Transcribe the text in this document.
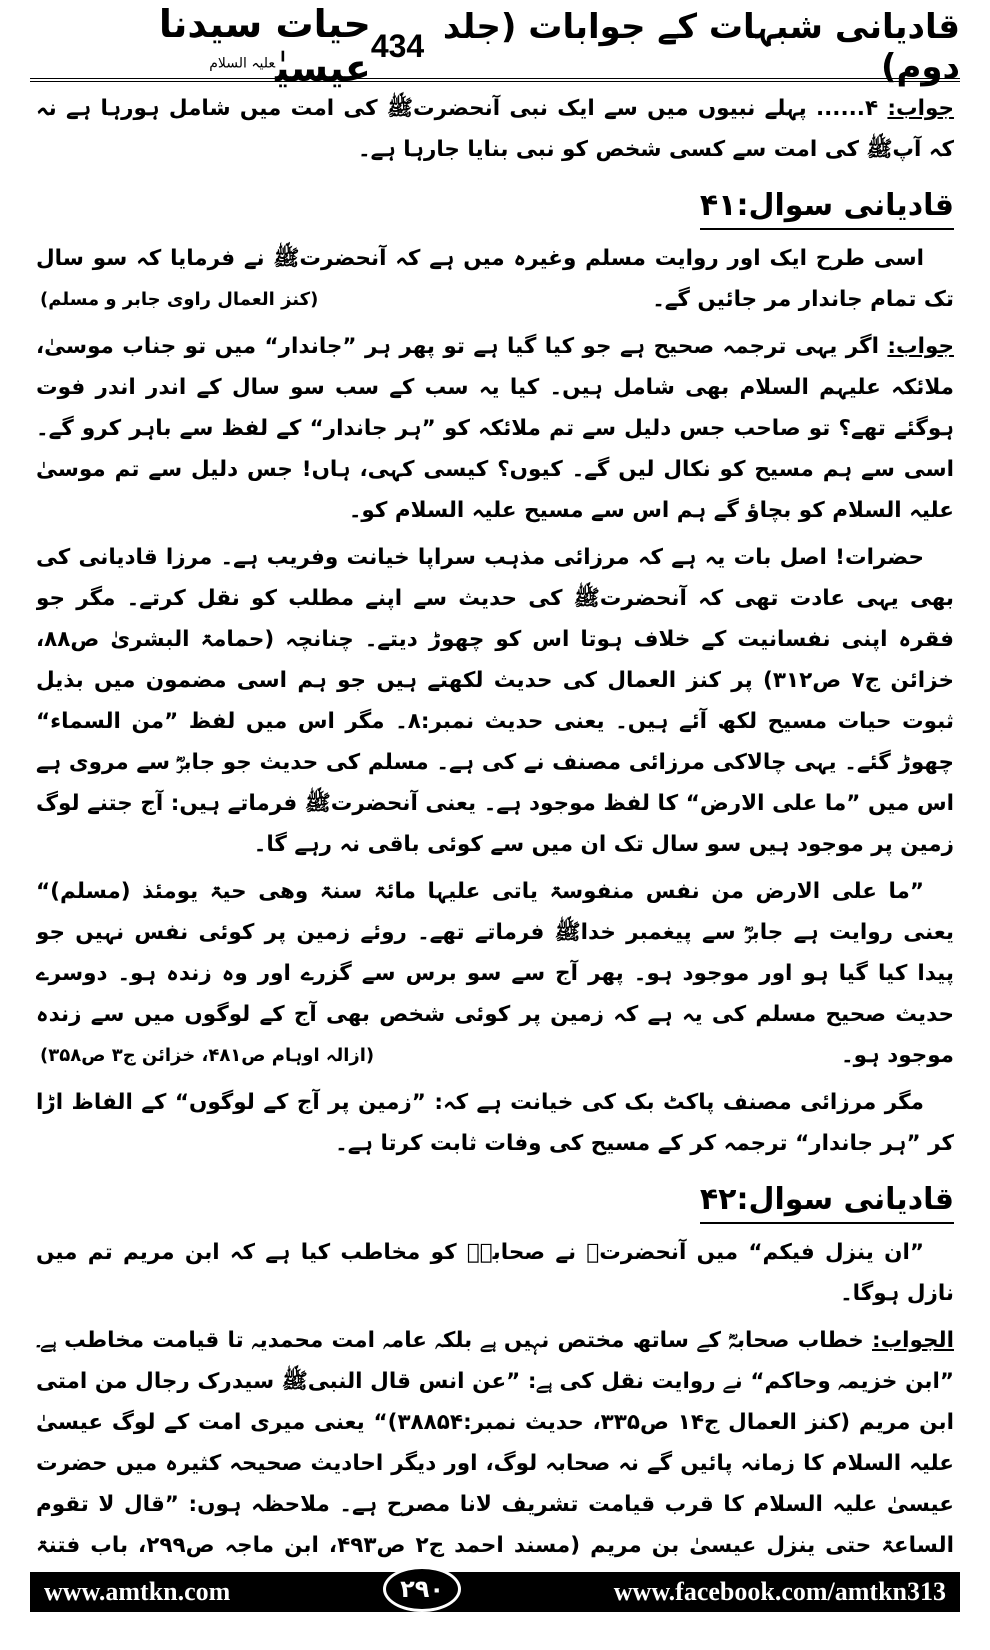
قادیانی شبہات کے جوابات (جلد دوم)
434
حیات سیدنا عیسیٰ$^{علیہ السلام}$

جواب: ۴...... پہلے نبیوں میں سے ایک نبی آنحضرتﷺ کی امت میں شامل ہورہا ہے نہ کہ آپﷺ کی امت سے کسی شخص کو نبی بنایا جارہا ہے۔

قادیانی سوال:۴۱

اسی طرح ایک اور روایت مسلم وغیرہ میں ہے کہ آنحضرتﷺ نے فرمایا کہ سو سال تک تمام جاندار مر جائیں گے۔
(کنز العمال راوی جابر و مسلم)

جواب: اگر یہی ترجمہ صحیح ہے جو کیا گیا ہے تو پھر ہر ”جاندار“ میں تو جناب موسیٰ، ملائکہ علیہم السلام بھی شامل ہیں۔ کیا یہ سب کے سب سو سال کے اندر اندر فوت ہوگئے تھے؟ تو صاحب جس دلیل سے تم ملائکہ کو ”ہر جاندار“ کے لفظ سے باہر کرو گے۔ اسی سے ہم مسیح کو نکال لیں گے۔ کیوں؟ کیسی کہی، ہاں! جس دلیل سے تم موسیٰ علیہ السلام کو بچاؤ گے ہم اس سے مسیح علیہ السلام کو۔

حضرات! اصل بات یہ ہے کہ مرزائی مذہب سراپا خیانت وفریب ہے۔ مرزا قادیانی کی بھی یہی عادت تھی کہ آنحضرتﷺ کی حدیث سے اپنے مطلب کو نقل کرتے۔ مگر جو فقرہ اپنی نفسانیت کے خلاف ہوتا اس کو چھوڑ دیتے۔ چنانچہ (حمامۃ البشریٰ ص۸۸، خزائن ج۷ ص۳۱۲) پر کنز العمال کی حدیث لکھتے ہیں جو ہم اسی مضمون میں بذیل ثبوت حیات مسیح لکھ آئے ہیں۔ یعنی حدیث نمبر:۸۔ مگر اس میں لفظ ”من السماء“ چھوڑ گئے۔ یہی چالاکی مرزائی مصنف نے کی ہے۔ مسلم کی حدیث جو جابرؓ سے مروی ہے اس میں ”ما علی الارض“ کا لفظ موجود ہے۔ یعنی آنحضرتﷺ فرماتے ہیں: آج جتنے لوگ زمین پر موجود ہیں سو سال تک ان میں سے کوئی باقی نہ رہے گا۔

”ما علی الارض من نفس منفوسۃ یاتی علیہا مائۃ سنۃ وھی حیۃ یومئذ (مسلم)“ یعنی روایت ہے جابرؓ سے پیغمبر خداﷺ فرماتے تھے۔ روئے زمین پر کوئی نفس نہیں جو پیدا کیا گیا ہو اور موجود ہو۔ پھر آج سے سو برس سے گزرے اور وہ زندہ ہو۔ دوسرے حدیث صحیح مسلم کی یہ ہے کہ زمین پر کوئی شخص بھی آج کے لوگوں میں سے زندہ موجود ہو۔
(ازالہ اوہام ص۴۸۱، خزائن ج۳ ص۳۵۸)

مگر مرزائی مصنف پاکٹ بک کی خیانت ہے کہ: ”زمین پر آج کے لوگوں“ کے الفاظ اڑا کر ”ہر جاندار“ ترجمہ کر کے مسیح کی وفات ثابت کرتا ہے۔

قادیانی سوال:۴۲

”ان ینزل فیکم“ میں آنحضرتﷺ نے صحابہؓ کو مخاطب کیا ہے کہ ابن مریم تم میں نازل ہوگا۔

الجواب: خطاب صحابہؓ کے ساتھ مختص نہیں ہے بلکہ عامہ امت محمدیہ تا قیامت مخاطب ہے۔ ”ابن خزیمہ وحاکم“ نے روایت نقل کی ہے: ”عن انس قال النبیﷺ سیدرک رجال من امتی ابن مریم (کنز العمال ج۱۴ ص۳۳۵، حدیث نمبر:۳۸۸۵۴)“ یعنی میری امت کے لوگ عیسیٰ علیہ السلام کا زمانہ پائیں گے نہ صحابہ لوگ، اور دیگر احادیث صحیحہ کثیرہ میں حضرت عیسیٰ علیہ السلام کا قرب قیامت تشریف لانا مصرح ہے۔ ملاحظہ ہوں: ”قال لا تقوم الساعۃ حتی ینزل عیسیٰ بن مریم (مسند احمد ج۲ ص۴۹۳، ابن ماجہ ص۲۹۹، باب فتنۃ

www.amtkn.com	۲۹۰	www.facebook.com/amtkn313
